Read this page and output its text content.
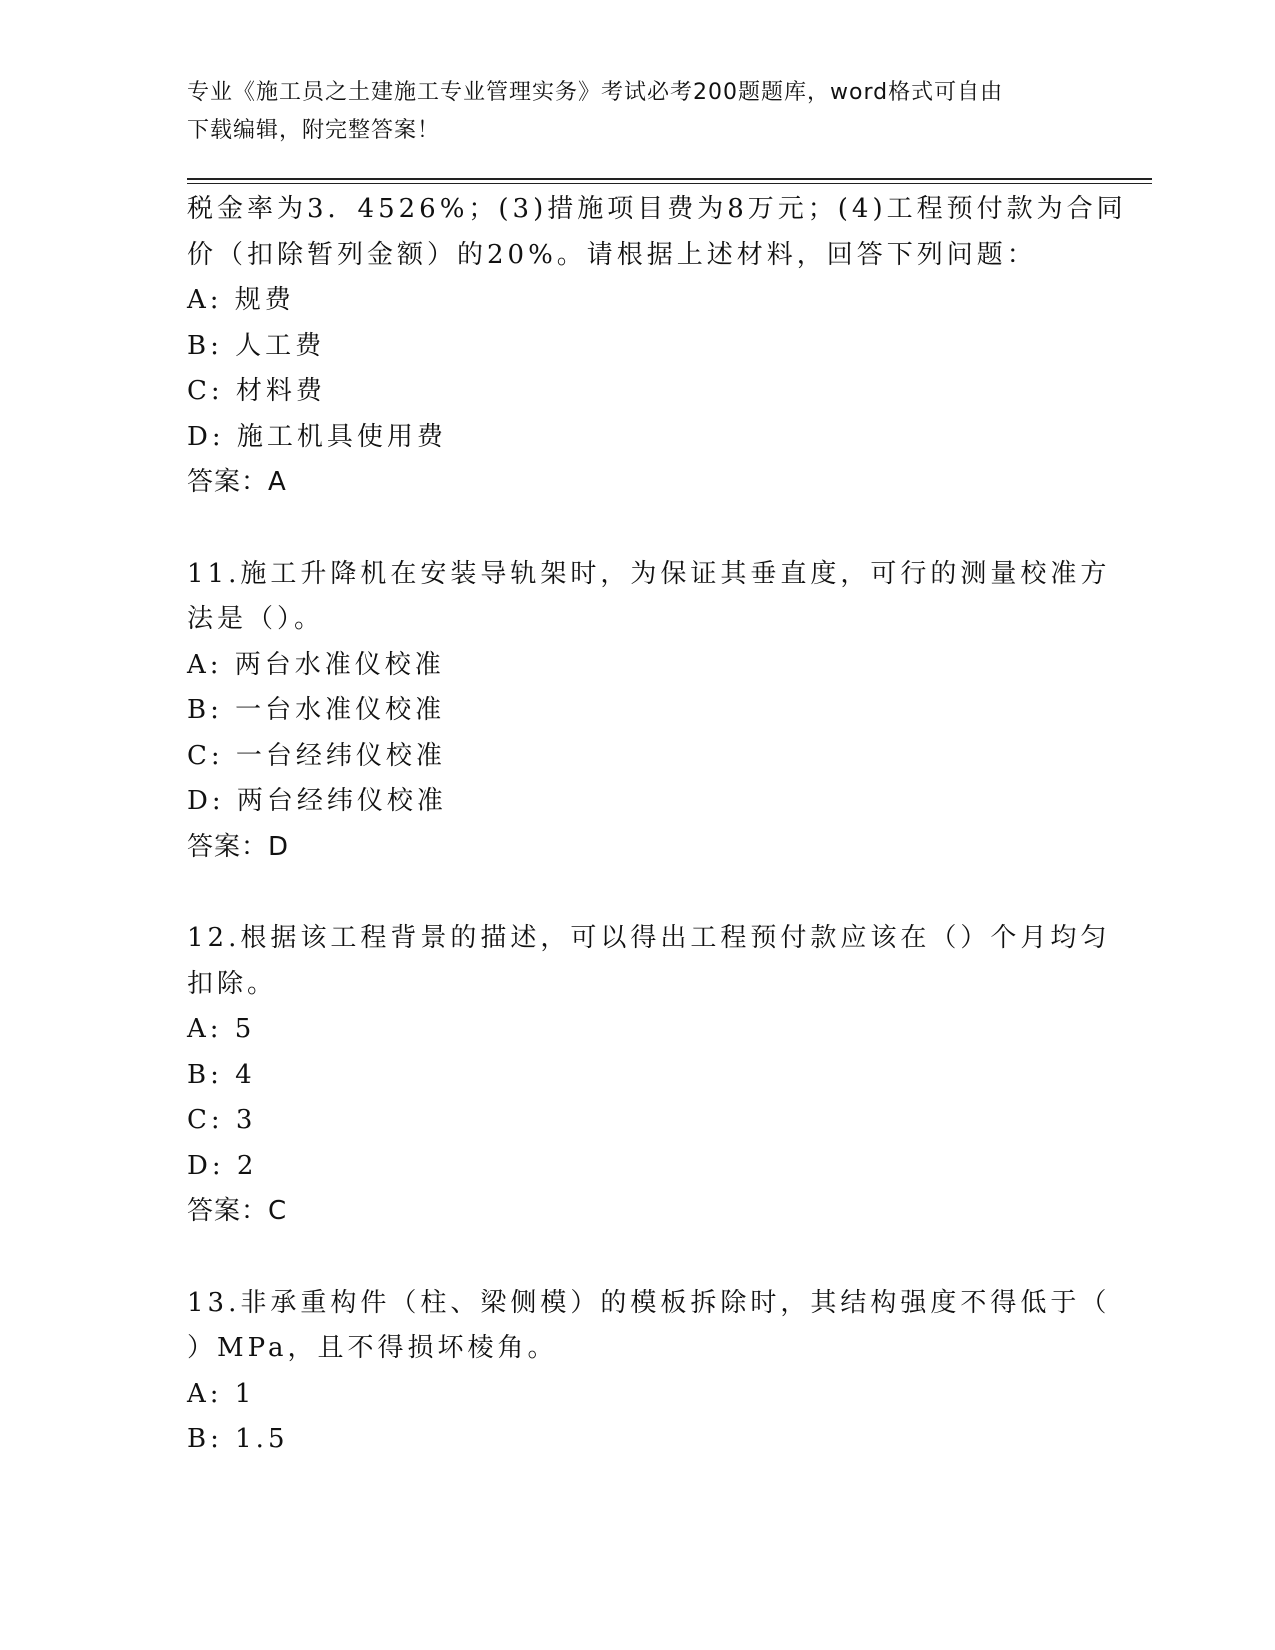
专业《施工员之土建施工专业管理实务》考试必考200题题库，word格式可自由
下载编辑，附完整答案！
税金率为3．4526%；(3)措施项目费为8万元；(4)工程预付款为合同
价（扣除暂列金额）的20%。请根据上述材料，回答下列问题：
A: 规费
B: 人工费
C: 材料费
D: 施工机具使用费
答案：A
11.施工升降机在安装导轨架时，为保证其垂直度，可行的测量校准方
法是（）。
A: 两台水准仪校准
B: 一台水准仪校准
C: 一台经纬仪校准
D: 两台经纬仪校准
答案：D
12.根据该工程背景的描述，可以得出工程预付款应该在（）个月均匀
扣除。
A: 5
B: 4
C: 3
D: 2
答案：C
13.非承重构件（柱、梁侧模）的模板拆除时，其结构强度不得低于（
）MPa，且不得损坏棱角。
A: 1
B: 1.5
